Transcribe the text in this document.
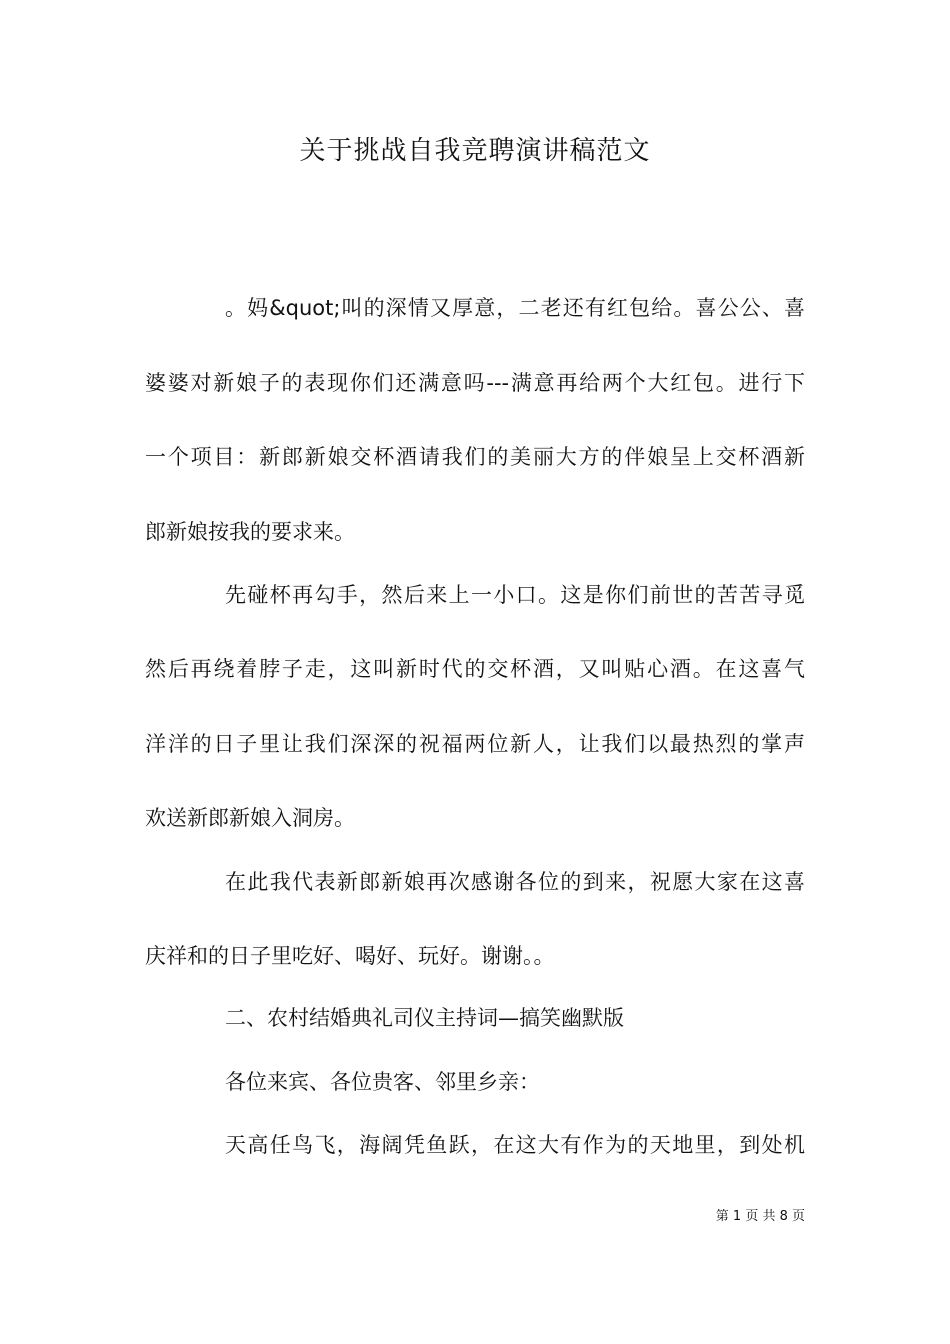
关于挑战自我竞聘演讲稿范文
。妈&quot;叫的深情又厚意，二老还有红包给。喜公公、喜
婆婆对新娘子的表现你们还满意吗---满意再给两个大红包。进行下
一个项目：新郎新娘交杯酒请我们的美丽大方的伴娘呈上交杯酒新
郎新娘按我的要求来。
先碰杯再勾手，然后来上一小口。这是你们前世的苦苦寻觅
然后再绕着脖子走，这叫新时代的交杯酒，又叫贴心酒。在这喜气
洋洋的日子里让我们深深的祝福两位新人，让我们以最热烈的掌声
欢送新郎新娘入洞房。
在此我代表新郎新娘再次感谢各位的到来，祝愿大家在这喜
庆祥和的日子里吃好、喝好、玩好。谢谢。。
二、农村结婚典礼司仪主持词—搞笑幽默版
各位来宾、各位贵客、邻里乡亲：
天高任鸟飞，海阔凭鱼跃，在这大有作为的天地里，到处机
第 1 页 共 8 页
